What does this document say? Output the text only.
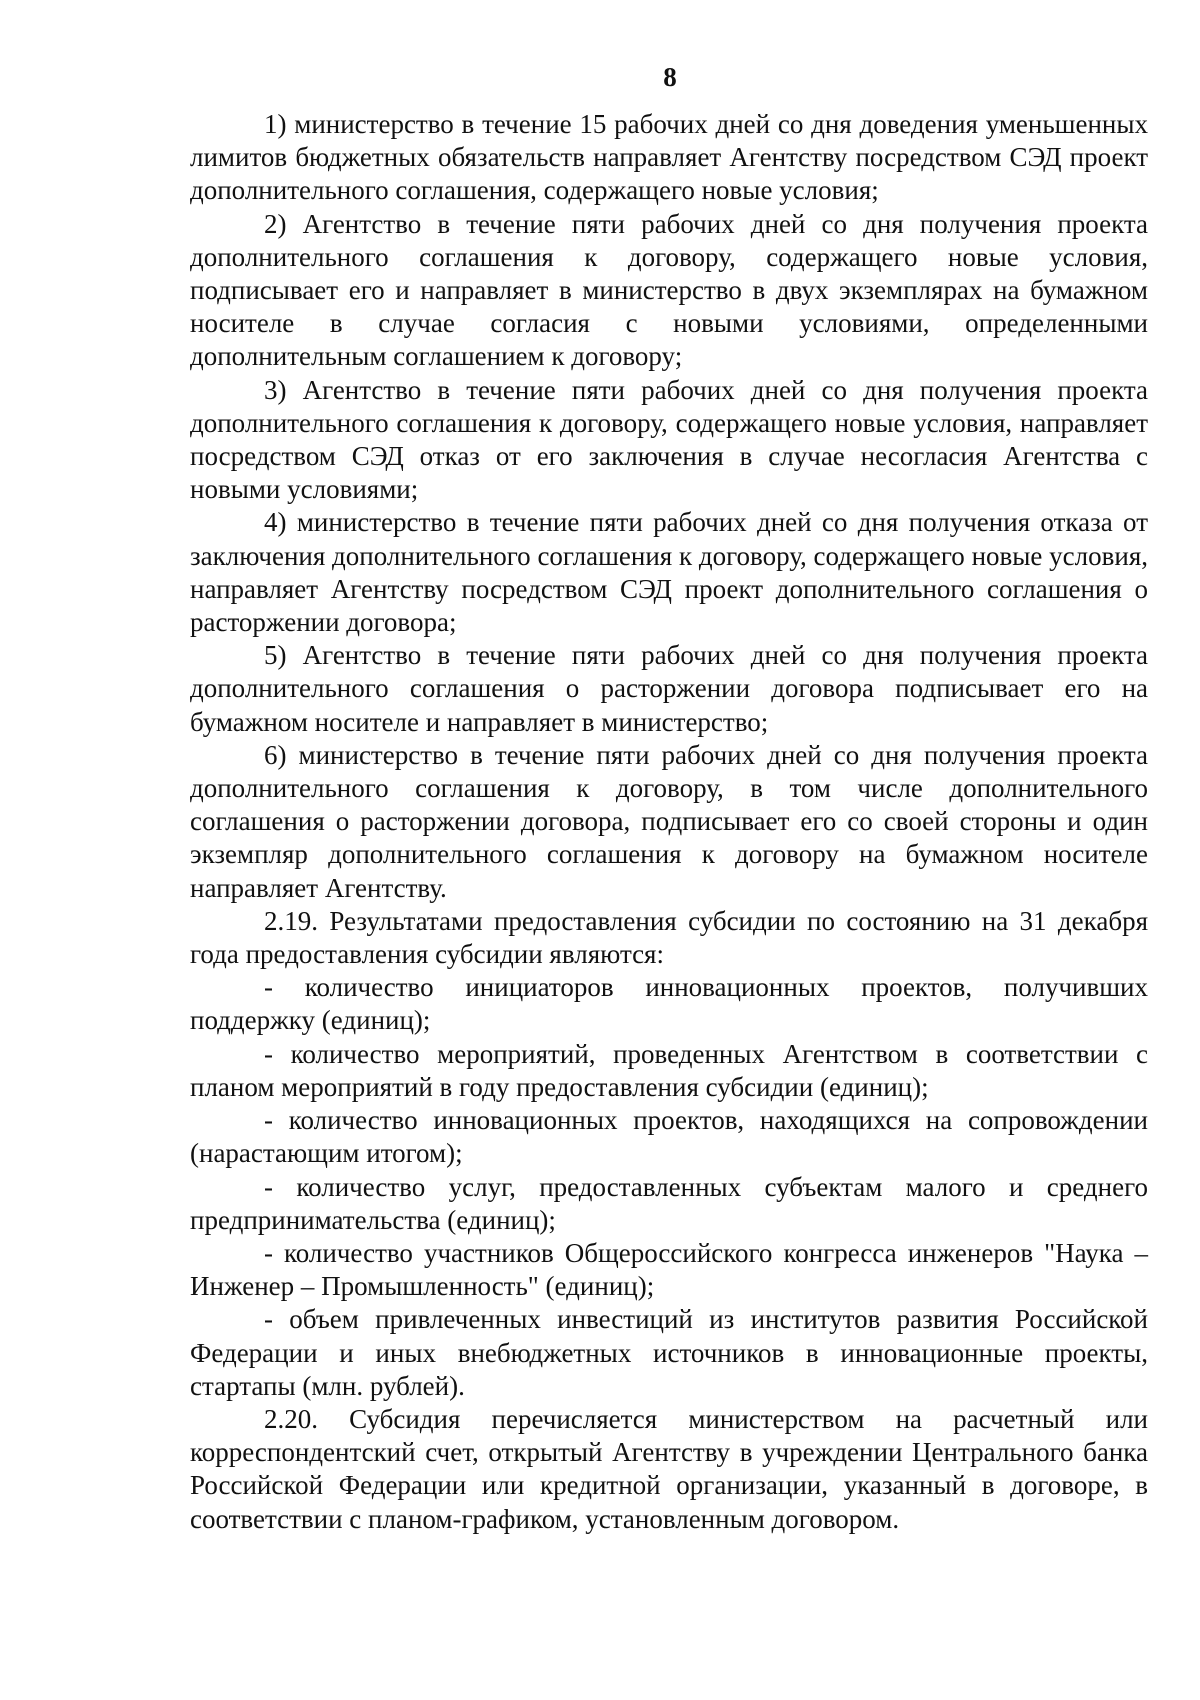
8

1) министерство в течение 15 рабочих дней со дня доведения уменьшенных лимитов бюджетных обязательств направляет Агентству посредством СЭД проект дополнительного соглашения, содержащего новые условия;

2) Агентство в течение пяти рабочих дней со дня получения проекта дополнительного соглашения к договору, содержащего новые условия, подписывает его и направляет в министерство в двух экземплярах на бумажном носителе в случае согласия с новыми условиями, определенными дополнительным соглашением к договору;

3) Агентство в течение пяти рабочих дней со дня получения проекта дополнительного соглашения к договору, содержащего новые условия, направляет посредством СЭД отказ от его заключения в случае несогласия Агентства с новыми условиями;

4) министерство в течение пяти рабочих дней со дня получения отказа от заключения дополнительного соглашения к договору, содержащего новые условия, направляет Агентству посредством СЭД проект дополнительного соглашения о расторжении договора;

5) Агентство в течение пяти рабочих дней со дня получения проекта дополнительного соглашения о расторжении договора подписывает его на бумажном носителе и направляет в министерство;

6) министерство в течение пяти рабочих дней со дня получения проекта дополнительного соглашения к договору, в том числе дополнительного соглашения о расторжении договора, подписывает его со своей стороны и один экземпляр дополнительного соглашения к договору на бумажном носителе направляет Агентству.

2.19. Результатами предоставления субсидии по состоянию на 31 декабря года предоставления субсидии являются:

- количество инициаторов инновационных проектов, получивших поддержку (единиц);

- количество мероприятий, проведенных Агентством в соответствии с планом мероприятий в году предоставления субсидии (единиц);

- количество инновационных проектов, находящихся на сопровождении (нарастающим итогом);

- количество услуг, предоставленных субъектам малого и среднего предпринимательства (единиц);

- количество участников Общероссийского конгресса инженеров "Наука – Инженер – Промышленность" (единиц);

- объем привлеченных инвестиций из институтов развития Российской Федерации и иных внебюджетных источников в инновационные проекты, стартапы (млн. рублей).

2.20. Субсидия перечисляется министерством на расчетный или корреспондентский счет, открытый Агентству в учреждении Центрального банка Российской Федерации или кредитной организации, указанный в договоре, в соответствии с планом-графиком, установленным договором.
